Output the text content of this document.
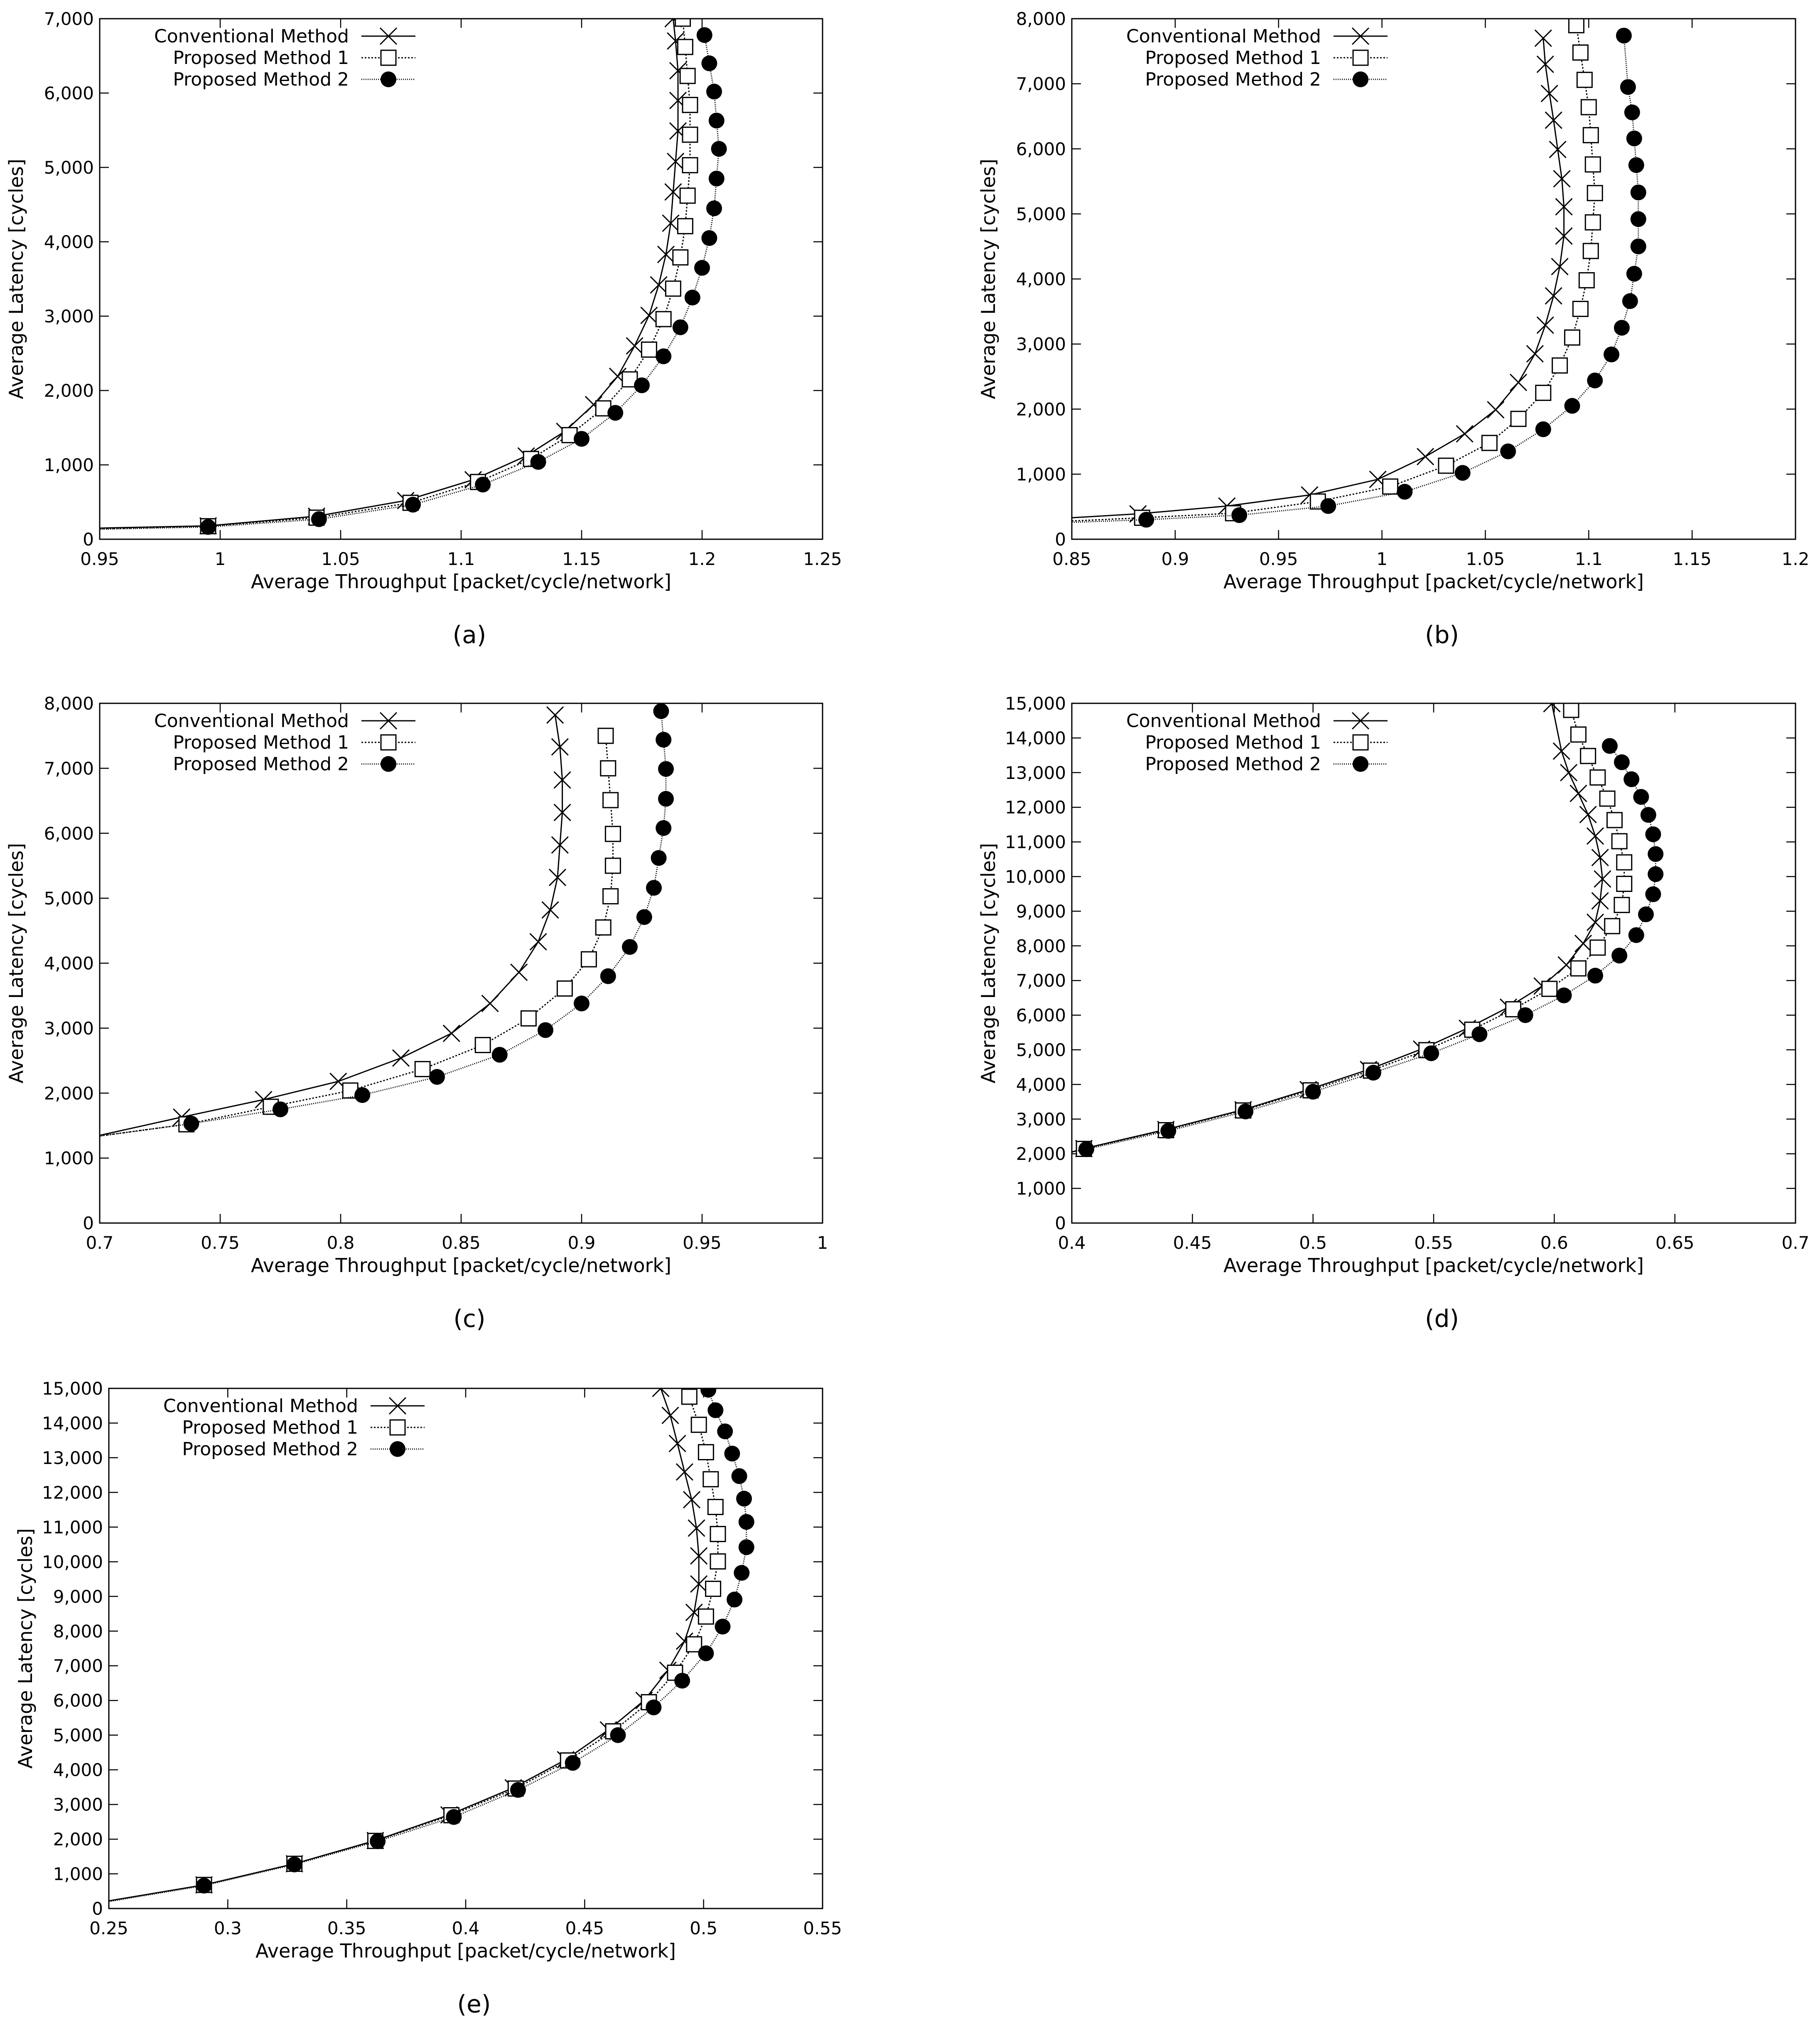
0.95	1	1.05	1.1	1.15	1.2	1.25
0
1,000
2,000
3,000
4,000
5,000
6,000
7,000
Average Throughput [packet/cycle/network]
Average Latency [cycles]
(a)
Conventional Method
Proposed Method 1
Proposed Method 2
0.85	0.9	0.95	1	1.05	1.1	1.15	1.2
0
1,000
2,000
3,000
4,000
5,000
6,000
7,000
8,000
Average Throughput [packet/cycle/network]
Average Latency [cycles]
(b)
Conventional Method
Proposed Method 1
Proposed Method 2
0.7	0.75	0.8	0.85	0.9	0.95	1
0
1,000
2,000
3,000
4,000
5,000
6,000
7,000
8,000
Average Throughput [packet/cycle/network]
Average Latency [cycles]
(c)
Conventional Method
Proposed Method 1
Proposed Method 2
0.4	0.45	0.5	0.55	0.6	0.65	0.7
0
1,000
2,000
3,000
4,000
5,000
6,000
7,000
8,000
9,000
10,000
11,000
12,000
13,000
14,000
15,000
Average Throughput [packet/cycle/network]
Average Latency [cycles]
(d)
Conventional Method
Proposed Method 1
Proposed Method 2
0.25	0.3	0.35	0.4	0.45	0.5	0.55
0
1,000
2,000
3,000
4,000
5,000
6,000
7,000
8,000
9,000
10,000
11,000
12,000
13,000
14,000
15,000
Average Throughput [packet/cycle/network]
Average Latency [cycles]
(e)
Conventional Method
Proposed Method 1
Proposed Method 2
